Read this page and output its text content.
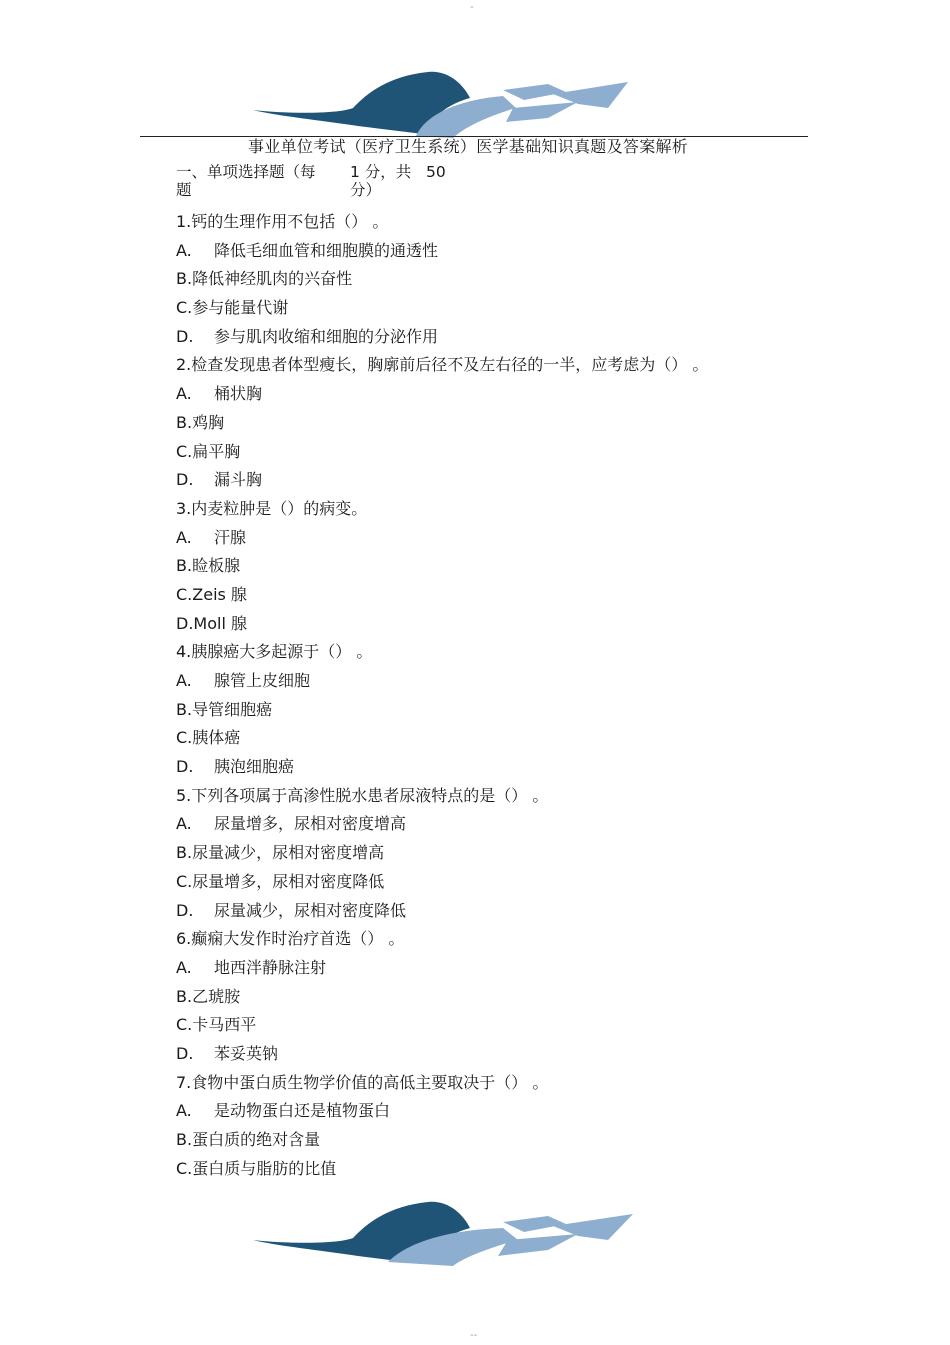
-
--
事业单位考试（医疗卫生系统）医学基础知识真题及答案解析
一、单项选择题（每 1 分，共 50
题	分）
1.钙的生理作用不包括（） 。
A. 降低毛细血管和细胞膜的通透性
B.降低神经肌肉的兴奋性
C.参与能量代谢
D. 参与肌肉收缩和细胞的分泌作用
2.检查发现患者体型瘦长，胸廓前后径不及左右径的一半，应考虑为（） 。
A. 桶状胸
B.鸡胸
C.扁平胸
D. 漏斗胸
3.内麦粒肿是（）的病变。
A. 汗腺
B.睑板腺
C.Zeis 腺
D.Moll 腺
4.胰腺癌大多起源于（） 。
A. 腺管上皮细胞
B.导管细胞癌
C.胰体癌
D. 胰泡细胞癌
5.下列各项属于高渗性脱水患者尿液特点的是（） 。
A. 尿量增多，尿相对密度增高
B.尿量减少，尿相对密度增高
C.尿量增多，尿相对密度降低
D. 尿量减少，尿相对密度降低
6.癫痫大发作时治疗首选（） 。
A. 地西泮静脉注射
B.乙琥胺
C.卡马西平
D. 苯妥英钠
7.食物中蛋白质生物学价值的高低主要取决于（） 。
A. 是动物蛋白还是植物蛋白
B.蛋白质的绝对含量
C.蛋白质与脂肪的比值
